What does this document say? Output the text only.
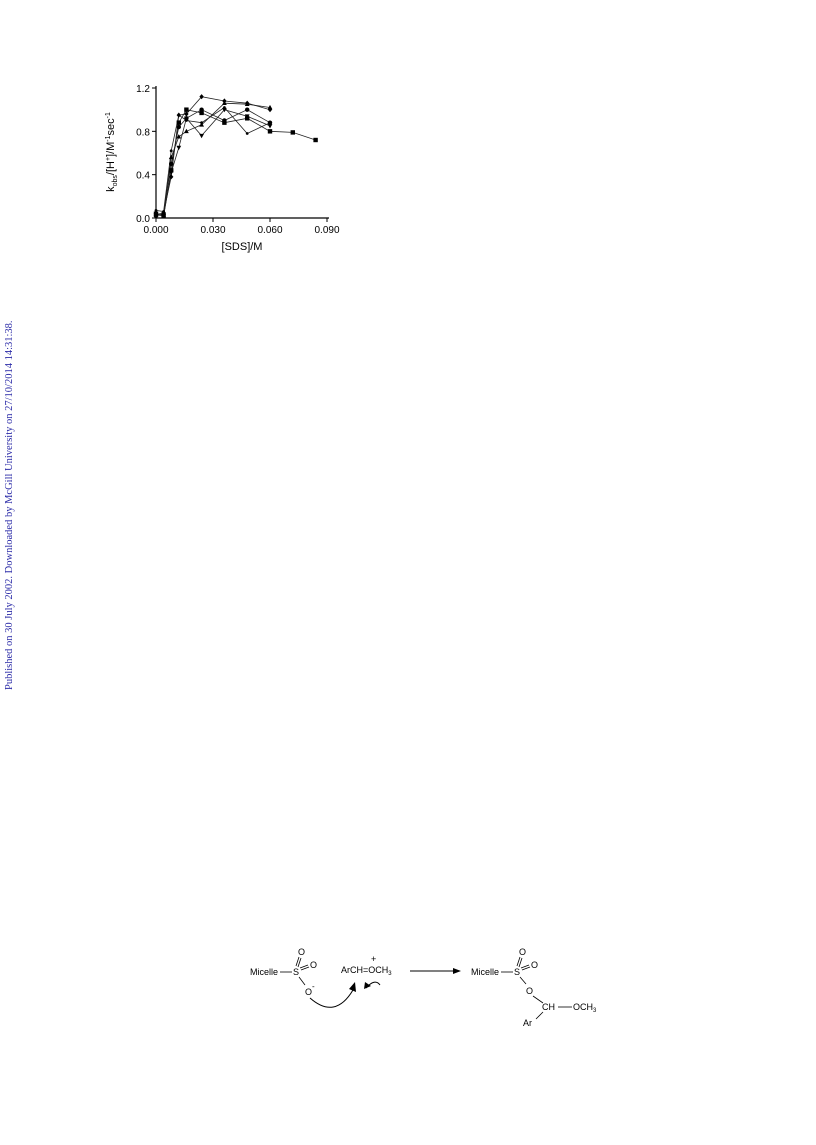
Published on 30 July 2002. Downloaded by McGill University on 27/10/2014 14:31:38.
0.0
0.4
0.8
1.2
0.000	0.030	0.060	0.090
[SDS]/M
$k_{obs}/[H^+]/M^{-1}\sec^{-1}$
Micelle S
O
O
O
-
+
$ArCH=OCH_3$	Micelle S
O
O
O
CH $OCH_3$
Ar
